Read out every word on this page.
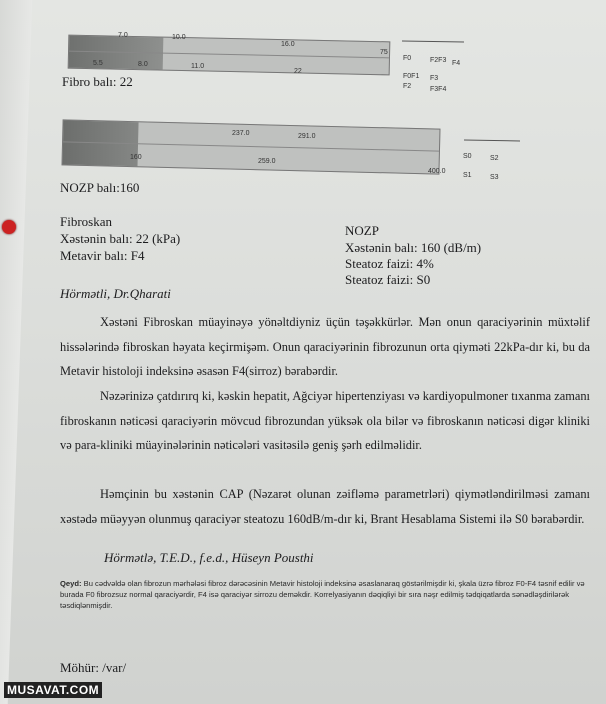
7.0	10.0
16.0
5.5	8.0	11.0
22
75
F0	F2F3 F4
F0F1 F3
F2	F3F4
Fibro balı: 22
237.0	291.0
160
259.0
400.0
S0	S2
S1	S3
NOZP balı:160
Fibroskan
Xəstənin balı: 22 (kPa)
Metavir balı: F4
NOZP
Xəstənin balı: 160 (dB/m)
Steatoz faizi: 4%
Steatoz faizi: S0
Hörmətli, Dr.Qharati
Xəstəni Fibroskan müayinəyə yönəltdiyniz üçün təşəkkürlər. Mən onun qaraciyərinin müxtəlif hissələrində fibroskan həyata keçirmişəm. Onun qaraciyərinin fibrozunun orta qiyməti 22kPa-dır ki, bu da Metavir histoloji indeksinə əsasən F4(sirroz) bərabərdir.
Nəzərinizə çatdırırq ki, kəskin hepatit, Ağciyər hipertenziyası və kardiyopulmoner tıxanma zamanı fibroskanın nəticəsi qaraciyərin mövcud fibrozundan yüksək ola bilər və fibroskanın nəticəsi digər kliniki və para-kliniki müayinələrinin nəticələri vasitəsilə geniş şərh edilməlidir.
Həmçinin bu xəstənin CAP (Nəzarət olunan zəifləmə parametrləri) qiymətləndirilməsi zamanı xəstədə müəyyən olunmuş qaraciyər steatozu 160dB/m-dır ki, Brant Hesablama Sistemi ilə S0 bərabərdir.
Hörmətlə, T.E.D., f.e.d., Hüseyn Pousthi
Qeyd: Bu cədvəldə olan fibrozun mərhələsi fibroz dərəcəsinin Metavir histoloji indeksinə əsaslanaraq göstərilmişdir ki, şkala üzrə fibroz F0-F4 təsnif edilir və burada F0 fibrozsuz normal qaraciyərdir, F4 isə qaraciyər sirrozu deməkdir. Korrelyasiyanın dəqiqliyi bir sıra nəşr edilmiş tədqiqatlarda sənədləşdirilərək təsdiqlənmişdir.
Möhür: /var/
MUSAVAT.COM
